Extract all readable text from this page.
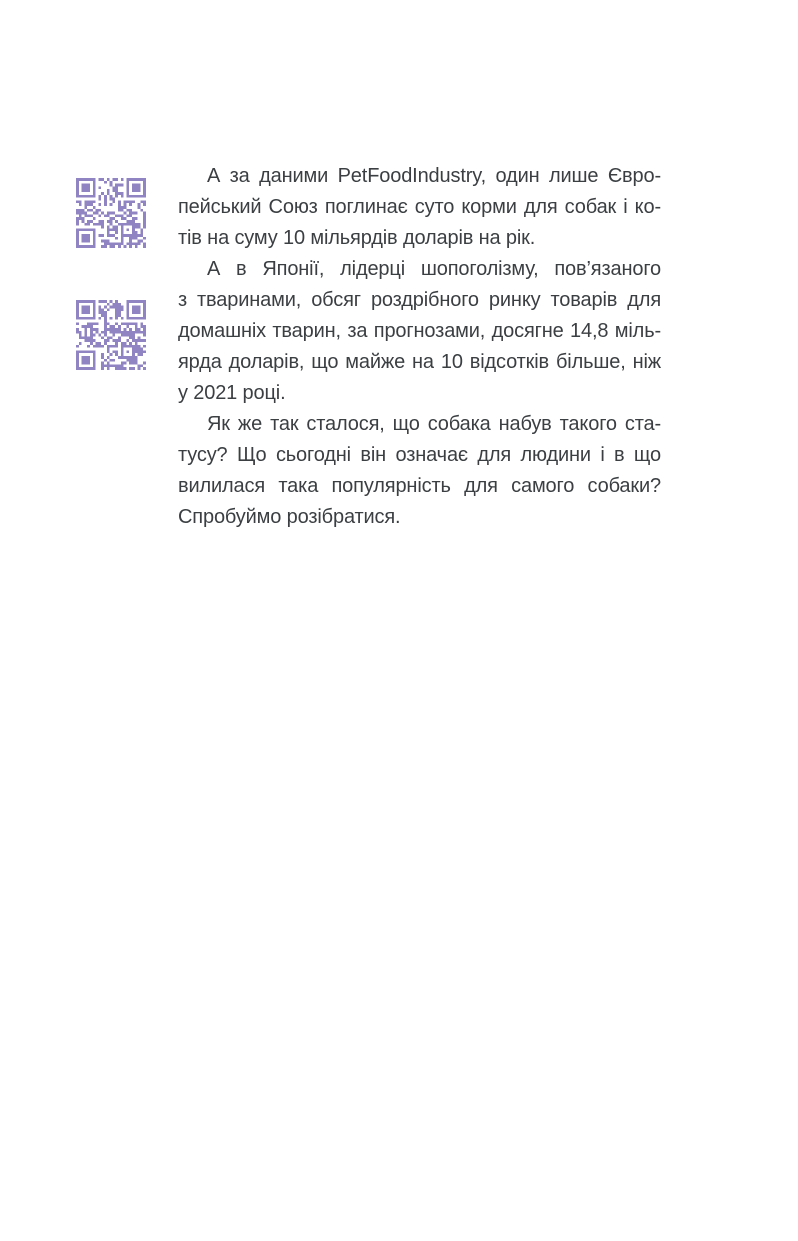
А за даними PetFoodIndustry, один лише Євро-
пейський Союз поглинає суто корми для собак і ко-
тів на суму 10 мільярдів доларів на рік.
А в Японії, лідерці шопоголізму, пов’язаного
з тваринами, обсяг роздрібного ринку товарів для
домашніх тварин, за прогнозами, досягне 14,8 міль-
ярда доларів, що майже на 10 відсотків більше, ніж
у 2021 році.
Як же так сталося, що собака набув такого ста-
тусу? Що сьогодні він означає для людини і в що
вилилася така популярність для самого собаки?
Спробуймо розібратися.
